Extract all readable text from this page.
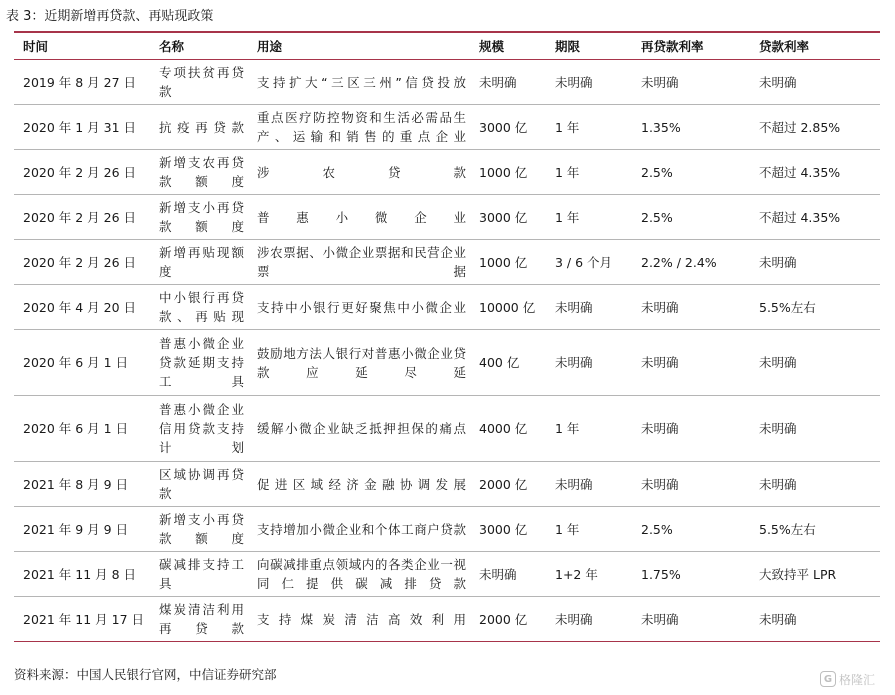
表 3：近期新增再贷款、再贴现政策
时间	名称	用途	规模	期限	再贷款利率	贷款利率
2019 年 8 月 27 日	专项扶贫再贷款	支持扩大“三区三州”信贷投放	未明确	未明确	未明确	未明确
2020 年 1 月 31 日	抗疫再贷款	重点医疗防控物资和生活必需品生产、运输和销售的重点企业	3000 亿	1 年	1.35%	不超过 2.85%
2020 年 2 月 26 日	新增支农再贷款额度	涉农贷款	1000 亿	1 年	2.5%	不超过 4.35%
2020 年 2 月 26 日	新增支小再贷款额度	普惠小微企业	3000 亿	1 年	2.5%	不超过 4.35%
2020 年 2 月 26 日	新增再贴现额度	涉农票据、小微企业票据和民营企业票据	1000 亿	3 / 6 个月	2.2% / 2.4%	未明确
2020 年 4 月 20 日	中小银行再贷款、再贴现	支持中小银行更好聚焦中小微企业	10000 亿	未明确	未明确	5.5%左右
2020 年 6 月 1 日	普惠小微企业贷款延期支持工具	鼓励地方法人银行对普惠小微企业贷款应延尽延	400 亿	未明确	未明确	未明确
2020 年 6 月 1 日	普惠小微企业信用贷款支持计划	缓解小微企业缺乏抵押担保的痛点	4000 亿	1 年	未明确	未明确
2021 年 8 月 9 日	区域协调再贷款	促进区域经济金融协调发展	2000 亿	未明确	未明确	未明确
2021 年 9 月 9 日	新增支小再贷款额度	支持增加小微企业和个体工商户贷款	3000 亿	1 年	2.5%	5.5%左右
2021 年 11 月 8 日	碳减排支持工具	向碳减排重点领域内的各类企业一视同仁提供碳减排贷款	未明确	1+2 年	1.75%	大致持平 LPR
2021 年 11 月 17 日	煤炭清洁利用再贷款	支持煤炭清洁高效利用	2000 亿	未明确	未明确	未明确
资料来源：中国人民银行官网，中信证券研究部	G 格隆汇
